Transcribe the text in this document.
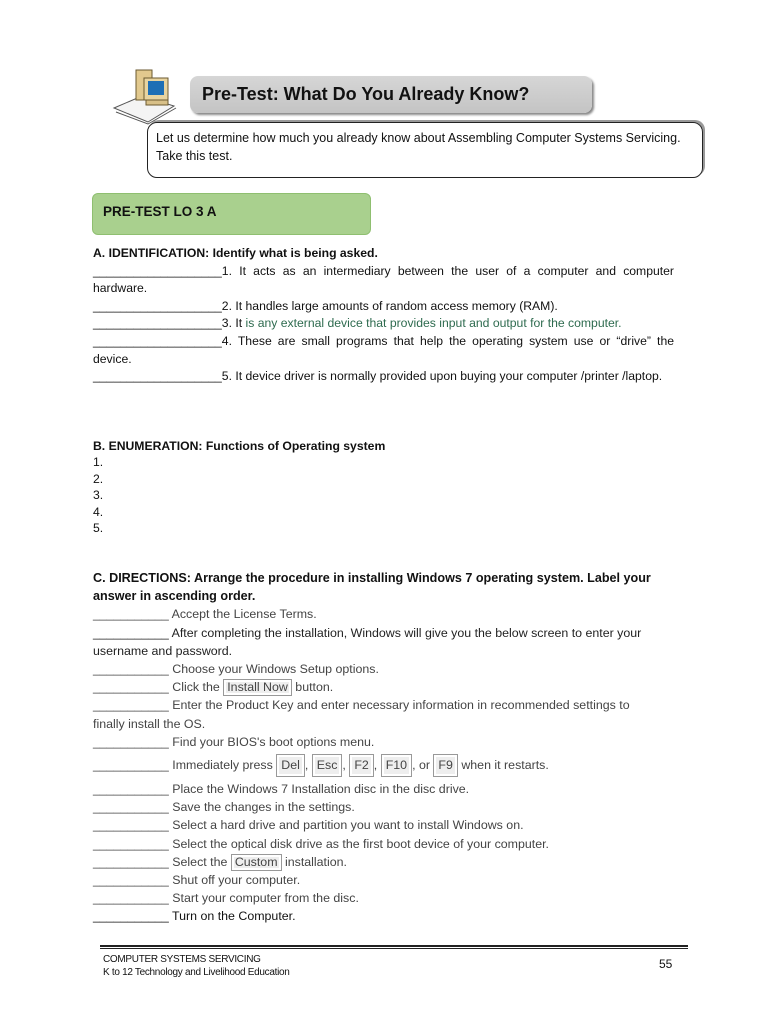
Pre-Test: What Do You Already Know?
Let us determine how much you already know about Assembling Computer Systems Servicing. Take this test.
PRE-TEST LO 3 A

A. IDENTIFICATION: Identify what is being asked.

___________________1. It acts as an intermediary between the user of a computer and computer hardware.

___________________2. It handles large amounts of random access memory (RAM).

___________________3. It is any external device that provides input and output for the computer.

___________________4. These are small programs that help the operating system use or “drive” the device.

___________________5. It device driver is normally provided upon buying your computer /printer /laptop.

B. ENUMERATION: Functions of Operating system

1.

2.

3.

4.

5.

C. DIRECTIONS: Arrange the procedure in installing Windows 7 operating system. Label your answer in ascending order.

___________ Accept the License Terms.

___________ After completing the installation, Windows will give you the below screen to enter your username and password.

___________ Choose your Windows Setup options.

___________ Click the Install Now button.

___________ Enter the Product Key and enter necessary information in recommended settings to finally install the OS.

___________ Find your BIOS's boot options menu.

___________ Immediately press Del , Esc , F2 , F10 , or F9 when it restarts.

___________ Place the Windows 7 Installation disc in the disc drive.

___________ Save the changes in the settings.

___________ Select a hard drive and partition you want to install Windows on.

___________ Select the optical disk drive as the first boot device of your computer.

___________ Select the Custom installation.

___________ Shut off your computer.

___________ Start your computer from the disc.

___________ Turn on the Computer.

COMPUTER SYSTEMS SERVICING
K to 12 Technology and Livelihood Education
55
